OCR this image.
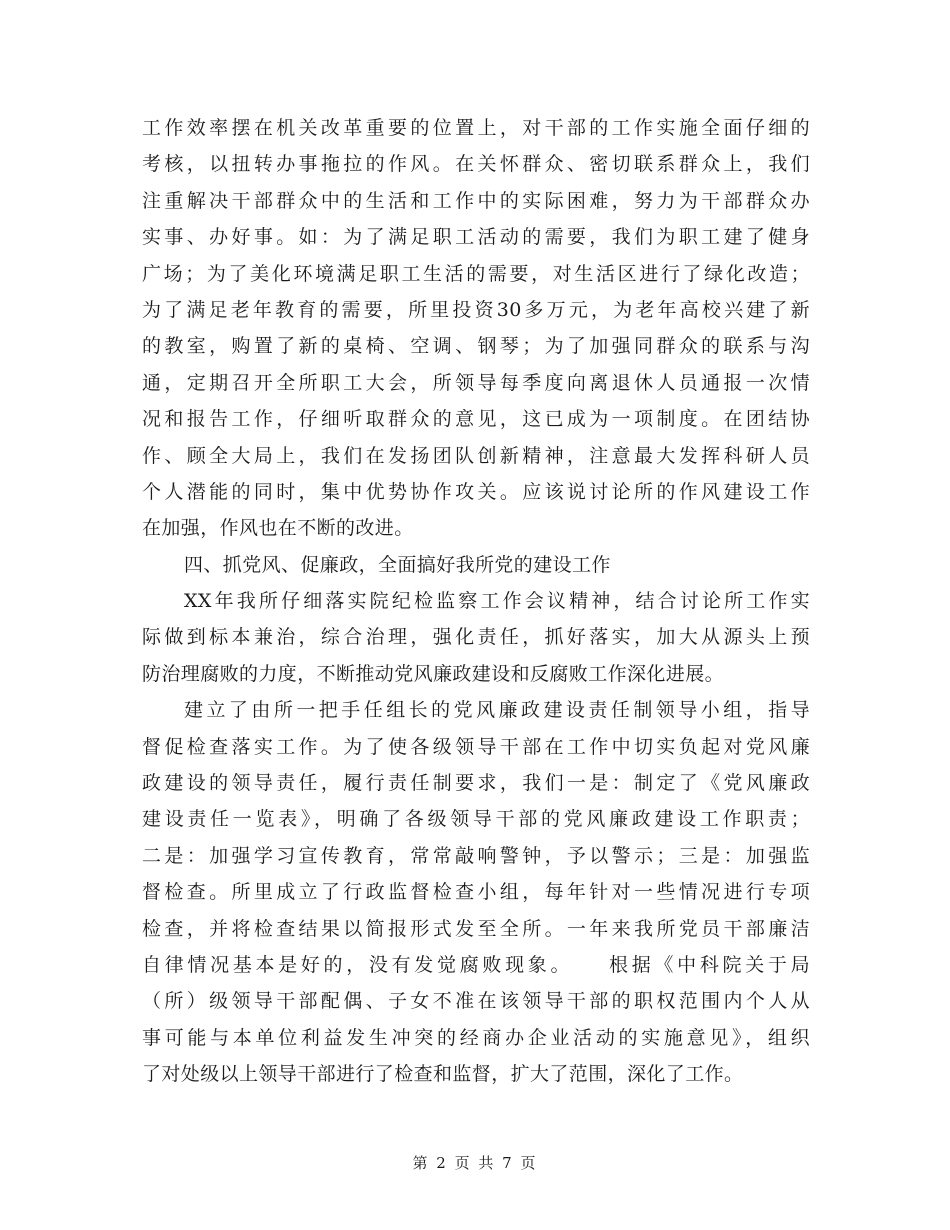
工作效率摆在机关改革重要的位置上，对干部的工作实施全面仔细的
考核，以扭转办事拖拉的作风。在关怀群众、密切联系群众上，我们
注重解决干部群众中的生活和工作中的实际困难，努力为干部群众办
实事、办好事。如：为了满足职工活动的需要，我们为职工建了健身
广场；为了美化环境满足职工生活的需要，对生活区进行了绿化改造；
为了满足老年教育的需要，所里投资30多万元，为老年高校兴建了新
的教室，购置了新的桌椅、空调、钢琴；为了加强同群众的联系与沟
通，定期召开全所职工大会，所领导每季度向离退休人员通报一次情
况和报告工作，仔细听取群众的意见，这已成为一项制度。在团结协
作、顾全大局上，我们在发扬团队创新精神，注意最大发挥科研人员
个人潜能的同时，集中优势协作攻关。应该说讨论所的作风建设工作
在加强，作风也在不断的改进。
四、抓党风、促廉政，全面搞好我所党的建设工作
XX年我所仔细落实院纪检监察工作会议精神，结合讨论所工作实
际做到标本兼治，综合治理，强化责任，抓好落实，加大从源头上预
防治理腐败的力度，不断推动党风廉政建设和反腐败工作深化进展。
建立了由所一把手任组长的党风廉政建设责任制领导小组，指导
督促检查落实工作。为了使各级领导干部在工作中切实负起对党风廉
政建设的领导责任，履行责任制要求，我们一是：制定了《党风廉政
建设责任一览表》，明确了各级领导干部的党风廉政建设工作职责；
二是：加强学习宣传教育，常常敲响警钟，予以警示；三是：加强监
督检查。所里成立了行政监督检查小组，每年针对一些情况进行专项
检查，并将检查结果以简报形式发至全所。一年来我所党员干部廉洁
自律情况基本是好的，没有发觉腐败现象。　　根据《中科院关于局
（所）级领导干部配偶、子女不准在该领导干部的职权范围内个人从
事可能与本单位利益发生冲突的经商办企业活动的实施意见》，组织
了对处级以上领导干部进行了检查和监督，扩大了范围，深化了工作。
第 2 页 共 7 页
